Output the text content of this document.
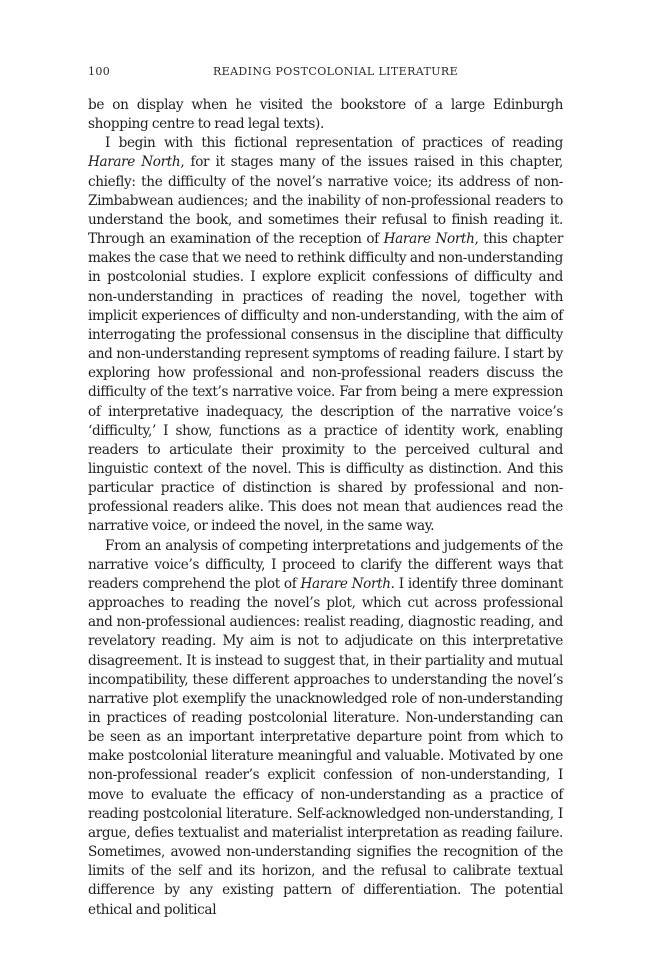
100	READING POSTCOLONIAL LITERATURE

be on display when he visited the bookstore of a large Edinburgh shopping centre to read legal texts).

I begin with this fictional representation of practices of reading Harare North, for it stages many of the issues raised in this chapter, chiefly: the difficulty of the novel’s narrative voice; its address of non-Zimbabwean audiences; and the inability of non-professional readers to understand the book, and sometimes their refusal to finish reading it. Through an examination of the reception of Harare North, this chapter makes the case that we need to rethink difficulty and non-understanding in postcolonial studies. I explore explicit confessions of difficulty and non-understanding in practices of reading the novel, together with implicit experiences of difficulty and non-understanding, with the aim of interrogating the professional consensus in the discipline that difficulty and non-understanding represent symptoms of reading failure. I start by exploring how professional and non-professional readers discuss the difficulty of the text’s narrative voice. Far from being a mere expression of interpretative inadequacy, the description of the narrative voice’s ‘difficulty,’ I show, functions as a practice of identity work, enabling readers to articulate their proximity to the perceived cultural and linguistic context of the novel. This is difficulty as distinction. And this particular practice of distinction is shared by professional and non-professional readers alike. This does not mean that audiences read the narrative voice, or indeed the novel, in the same way.

From an analysis of competing interpretations and judgements of the narrative voice’s difficulty, I proceed to clarify the different ways that readers comprehend the plot of Harare North. I identify three dominant approaches to reading the novel’s plot, which cut across professional and non-professional audiences: realist reading, diagnostic reading, and revelatory reading. My aim is not to adjudicate on this interpretative disagreement. It is instead to suggest that, in their partiality and mutual incompatibility, these different approaches to understanding the novel’s narrative plot exemplify the unacknowledged role of non-understanding in practices of reading postcolonial literature. Non-understanding can be seen as an important interpretative departure point from which to make postcolonial literature meaningful and valuable. Motivated by one non-professional reader’s explicit confession of non-understanding, I move to evaluate the efficacy of non-understanding as a practice of reading postcolonial literature. Self-acknowledged non-understanding, I argue, defies textualist and materialist interpretation as reading failure. Sometimes, avowed non-understanding signifies the recognition of the limits of the self and its horizon, and the refusal to calibrate textual difference by any existing pattern of differentiation. The potential ethical and political
